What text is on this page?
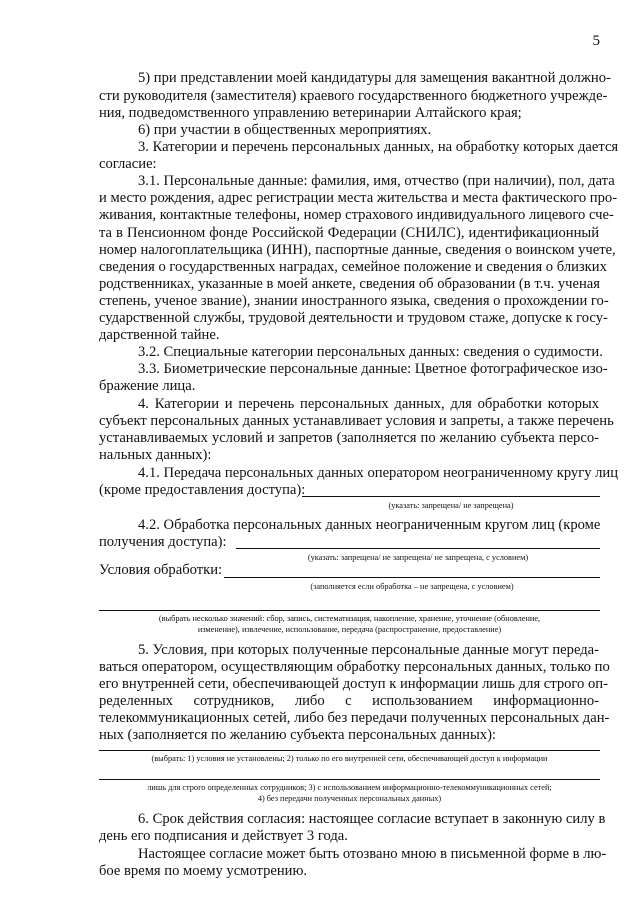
5
5) при представлении моей кандидатуры для замещения вакантной должно-
сти руководителя (заместителя) краевого государственного бюджетного учрежде-
ния, подведомственного управлению ветеринарии Алтайского края;
6) при участии в общественных мероприятиях.
3. Категории и перечень персональных данных, на обработку которых дается
согласие:
3.1. Персональные данные: фамилия, имя, отчество (при наличии), пол, дата
и место рождения, адрес регистрации места жительства и места фактического про-
живания, контактные телефоны, номер страхового индивидуального лицевого сче-
та в Пенсионном фонде Российской Федерации (СНИЛС), идентификационный
номер налогоплательщика (ИНН), паспортные данные, сведения о воинском учете,
сведения о государственных наградах, семейное положение и сведения о близких
родственниках, указанные в моей анкете, сведения об образовании (в т.ч. ученая
степень, ученое звание), знании иностранного языка, сведения о прохождении го-
сударственной службы, трудовой деятельности и трудовом стаже, допуске к госу-
дарственной тайне.
3.2. Специальные категории персональных данных: сведения о судимости.
3.3. Биометрические персональные данные: Цветное фотографическое изо-
бражение лица.
4. Категории и перечень персональных данных, для обработки которых
субъект персональных данных устанавливает условия и запреты, а также перечень
устанавливаемых условий и запретов (заполняется по желанию субъекта персо-
нальных данных):
4.1. Передача персональных данных оператором неограниченному кругу лиц
(кроме предоставления доступа):
(указать: запрещена/ не запрещена)
4.2. Обработка персональных данных неограниченным кругом лиц (кроме
получения доступа):
(указать: запрещена/ не запрещена/ не запрещена, с условием)
Условия обработки:
(заполняется если обработка – не запрещена, с условием)
(выбрать несколько значений: сбор, запись, систематизация, накопление, хранение, уточнение (обновление,
изменение), извлечение, использование, передача (распространение, предоставление)
5. Условия, при которых полученные персональные данные могут переда-
ваться оператором, осуществляющим обработку персональных данных, только по
его внутренней сети, обеспечивающей доступ к информации лишь для строго оп-
ределенных сотрудников, либо с использованием информационно-
телекоммуникационных сетей, либо без передачи полученных персональных дан-
ных (заполняется по желанию субъекта персональных данных):
(выбрать: 1) условия не установлены; 2) только по его внутренней сети, обеспечивающей доступ к информации
лишь для строго определенных сотрудников; 3) с использованием информационно-телекоммуникационных сетей;
4) без передачи полученных персональных данных)
6. Срок действия согласия: настоящее согласие вступает в законную силу в
день его подписания и действует 3 года.
Настоящее согласие может быть отозвано мною в письменной форме в лю-
бое время по моему усмотрению.
